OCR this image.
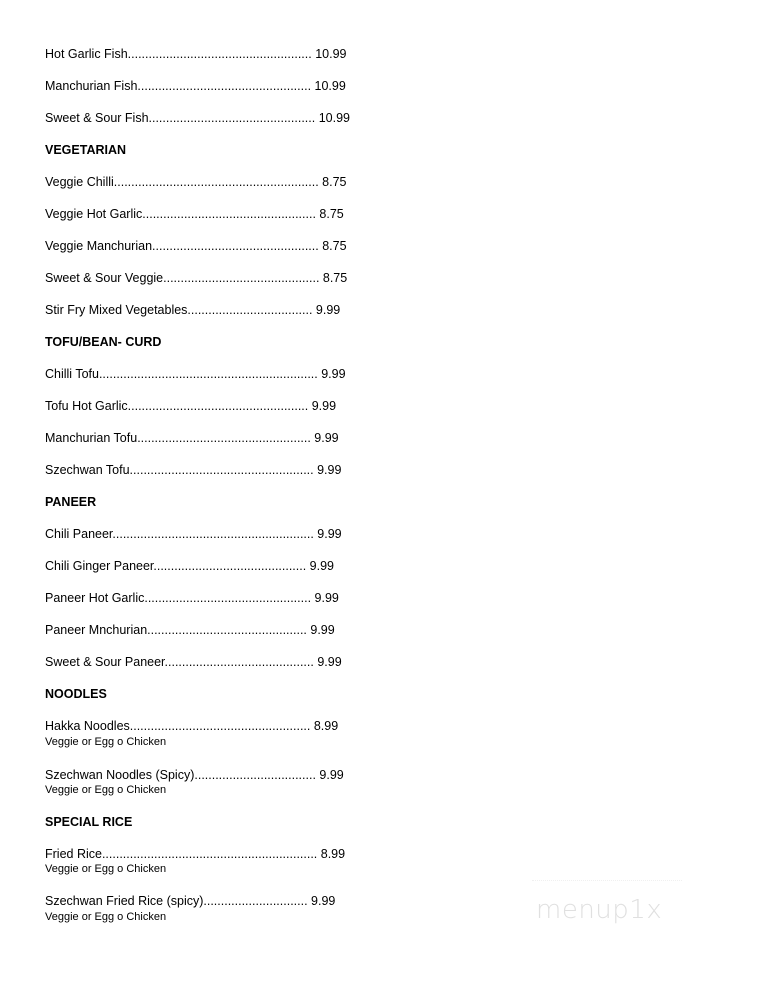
Hot Garlic Fish..................................................... 10.99
Manchurian Fish.................................................. 10.99
Sweet & Sour Fish................................................ 10.99
VEGETARIAN
Veggie Chilli........................................................... 8.75
Veggie Hot Garlic.................................................. 8.75
Veggie Manchurian................................................ 8.75
Sweet & Sour Veggie............................................. 8.75
Stir Fry Mixed Vegetables.................................... 9.99
TOFU/BEAN- CURD
Chilli Tofu............................................................... 9.99
Tofu Hot Garlic.................................................... 9.99
Manchurian Tofu.................................................. 9.99
Szechwan Tofu..................................................... 9.99
PANEER
Chili Paneer.......................................................... 9.99
Chili Ginger Paneer............................................ 9.99
Paneer Hot Garlic................................................ 9.99
Paneer Mnchurian.............................................. 9.99
Sweet & Sour Paneer........................................... 9.99
NOODLES
Hakka Noodles.................................................... 8.99
Veggie or Egg o Chicken
Szechwan Noodles (Spicy)................................... 9.99
Veggie or Egg o Chicken
SPECIAL RICE
Fried Rice.............................................................. 8.99
Veggie or Egg o Chicken
Szechwan Fried Rice (spicy).............................. 9.99
Veggie or Egg o Chicken	menup1x
